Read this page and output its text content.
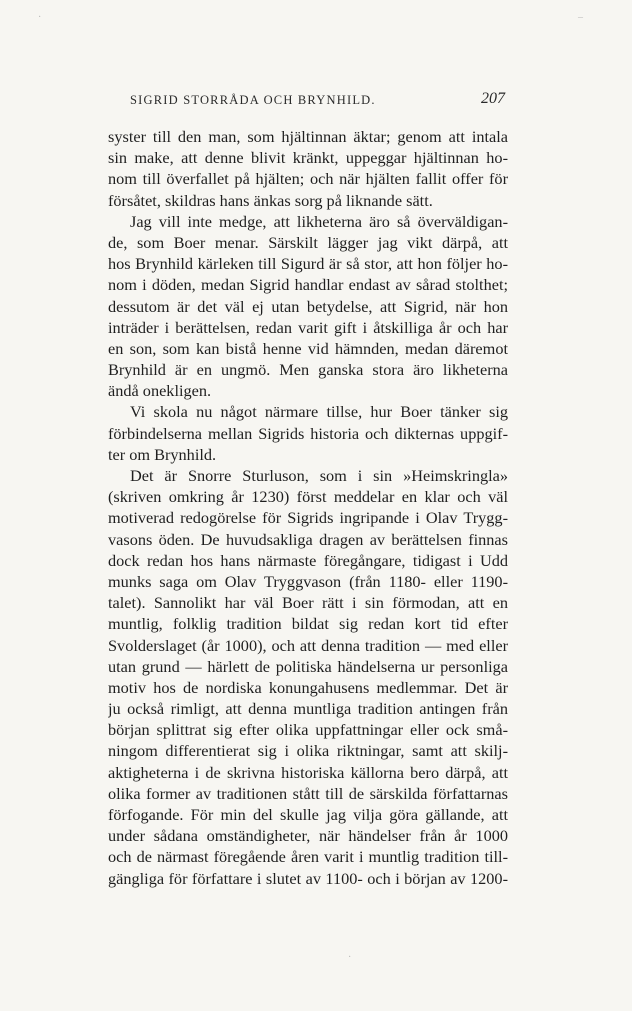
·	–
SIGRID STORRÅDA OCH BRYNHILD.	207
syster till den man, som hjältinnan äktar; genom att intala
sin make, att denne blivit kränkt, uppeggar hjältinnan ho-
nom till överfallet på hjälten; och när hjälten fallit offer för
försåtet, skildras hans änkas sorg på liknande sätt.
Jag vill inte medge, att likheterna äro så överväldigan-
de, som Boer menar. Särskilt lägger jag vikt därpå, att
hos Brynhild kärleken till Sigurd är så stor, att hon följer ho-
nom i döden, medan Sigrid handlar endast av sårad stolthet;
dessutom är det väl ej utan betydelse, att Sigrid, när hon
inträder i berättelsen, redan varit gift i åtskilliga år och har
en son, som kan bistå henne vid hämnden, medan däremot
Brynhild är en ungmö. Men ganska stora äro likheterna
ändå onekligen.
Vi skola nu något närmare tillse, hur Boer tänker sig
förbindelserna mellan Sigrids historia och dikternas uppgif-
ter om Brynhild.
Det är Snorre Sturluson, som i sin »Heimskringla»
(skriven omkring år 1230) först meddelar en klar och väl
motiverad redogörelse för Sigrids ingripande i Olav Trygg-
vasons öden. De huvudsakliga dragen av berättelsen finnas
dock redan hos hans närmaste föregångare, tidigast i Udd
munks saga om Olav Tryggvason (från 1180- eller 1190-
talet). Sannolikt har väl Boer rätt i sin förmodan, att en
muntlig, folklig tradition bildat sig redan kort tid efter
Svolderslaget (år 1000), och att denna tradition — med eller
utan grund — härlett de politiska händelserna ur personliga
motiv hos de nordiska konungahusens medlemmar. Det är
ju också rimligt, att denna muntliga tradition antingen från
början splittrat sig efter olika uppfattningar eller ock små-
ningom differentierat sig i olika riktningar, samt att skilj-
aktigheterna i de skrivna historiska källorna bero därpå, att
olika former av traditionen stått till de särskilda författarnas
förfogande. För min del skulle jag vilja göra gällande, att
under sådana omständigheter, när händelser från år 1000
och de närmast föregående åren varit i muntlig tradition till-
gängliga för författare i slutet av 1100- och i början av 1200-
·
